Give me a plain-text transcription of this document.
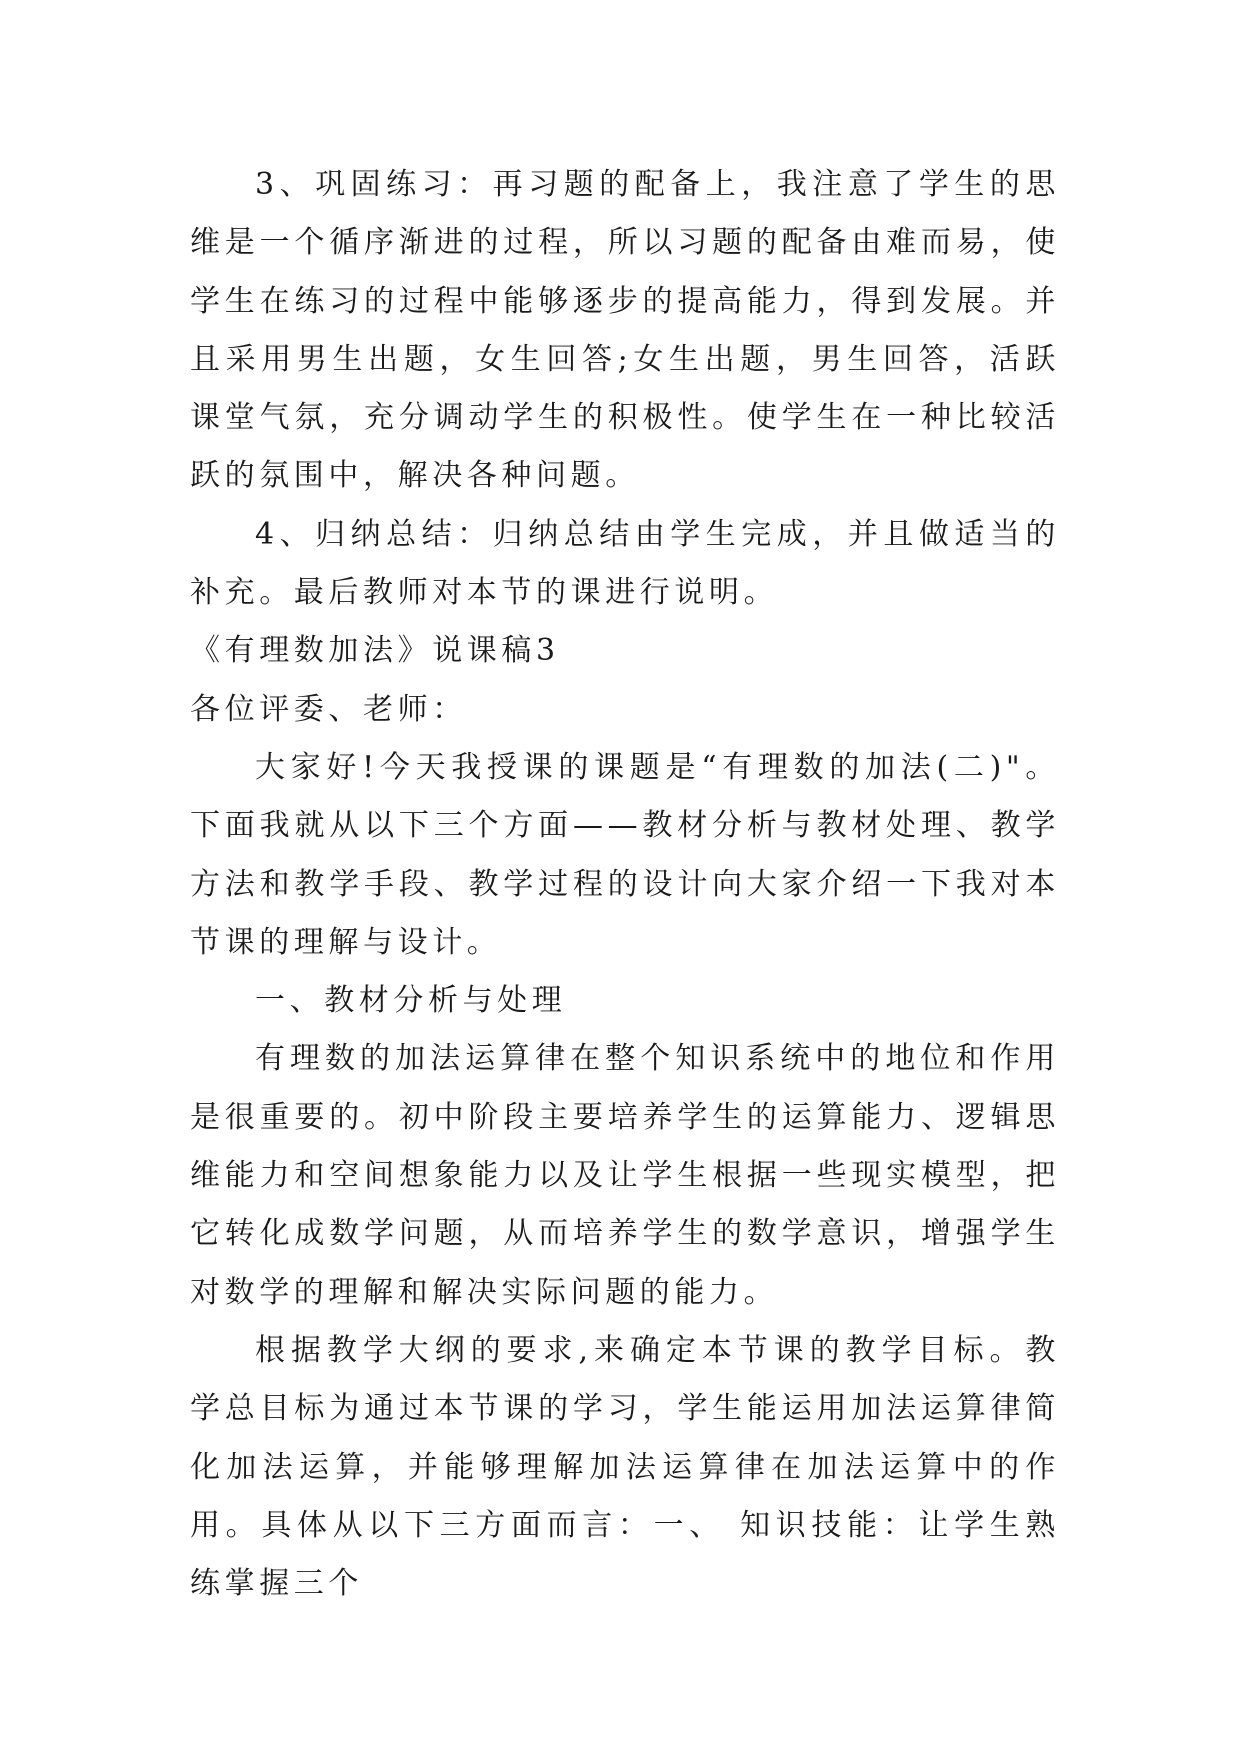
3、巩固练习：再习题的配备上，我注意了学生的思维是一个循序渐进的过程，所以习题的配备由难而易，使学生在练习的过程中能够逐步的提高能力，得到发展。并且采用男生出题，女生回答;女生出题，男生回答，活跃课堂气氛，充分调动学生的积极性。使学生在一种比较活跃的氛围中，解决各种问题。

4、归纳总结：归纳总结由学生完成，并且做适当的补充。最后教师对本节的课进行说明。

《有理数加法》说课稿3

各位评委、老师：

大家好!今天我授课的课题是“有理数的加法(二)"。下面我就从以下三个方面——教材分析与教材处理、教学方法和教学手段、教学过程的设计向大家介绍一下我对本节课的理解与设计。

一、教材分析与处理

有理数的加法运算律在整个知识系统中的地位和作用是很重要的。初中阶段主要培养学生的运算能力、逻辑思维能力和空间想象能力以及让学生根据一些现实模型，把它转化成数学问题，从而培养学生的数学意识，增强学生对数学的理解和解决实际问题的能力。

根据教学大纲的要求,来确定本节课的教学目标。教学总目标为通过本节课的学习，学生能运用加法运算律简化加法运算，并能够理解加法运算律在加法运算中的作用。具体从以下三方面而言：一、 知识技能：让学生熟练掌握三个
